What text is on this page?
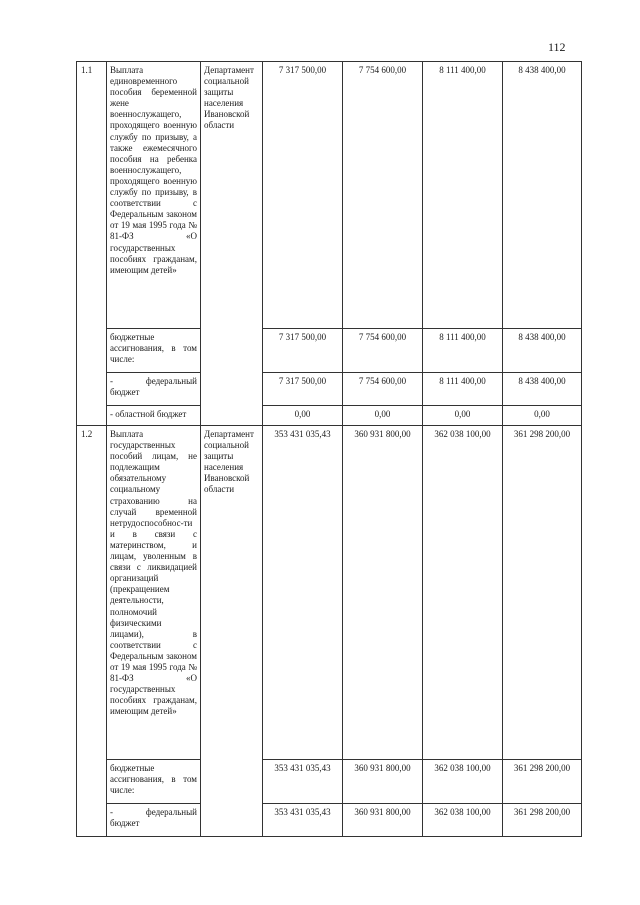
112
1.1	Выплата единовременного пособия беременной жене военнослужащего, проходящего военную службу по призыву, а также ежемесячного пособия на ребенка военнослужащего, проходящего военную службу по призыву, в соответствии с Федеральным законом от 19 мая 1995 года № 81-ФЗ «О государственных пособиях гражданам, имеющим детей»	Департамент социальной защиты населения Ивановской области	7 317 500,00	7 754 600,00	8 111 400,00	8 438 400,00
	бюджетные ассигнования, в том числе:		7 317 500,00	7 754 600,00	8 111 400,00	8 438 400,00
	- федеральный бюджет		7 317 500,00	7 754 600,00	8 111 400,00	8 438 400,00
	- областной бюджет		0,00	0,00	0,00	0,00
1.2	Выплата государственных пособий лицам, не подлежащим обязательному социальному страхованию на случай временной нетрудоспособнос-ти и в связи с материнством, и лицам, уволенным в связи с ликвидацией организаций (прекращением деятельности, полномочий физическими лицами), в соответствии с Федеральным законом от 19 мая 1995 года № 81-ФЗ «О государственных пособиях гражданам, имеющим детей»	Департамент социальной защиты населения Ивановской области	353 431 035,43	360 931 800,00	362 038 100,00	361 298 200,00
	бюджетные ассигнования, в том числе:		353 431 035,43	360 931 800,00	362 038 100,00	361 298 200,00
	- федеральный бюджет		353 431 035,43	360 931 800,00	362 038 100,00	361 298 200,00
